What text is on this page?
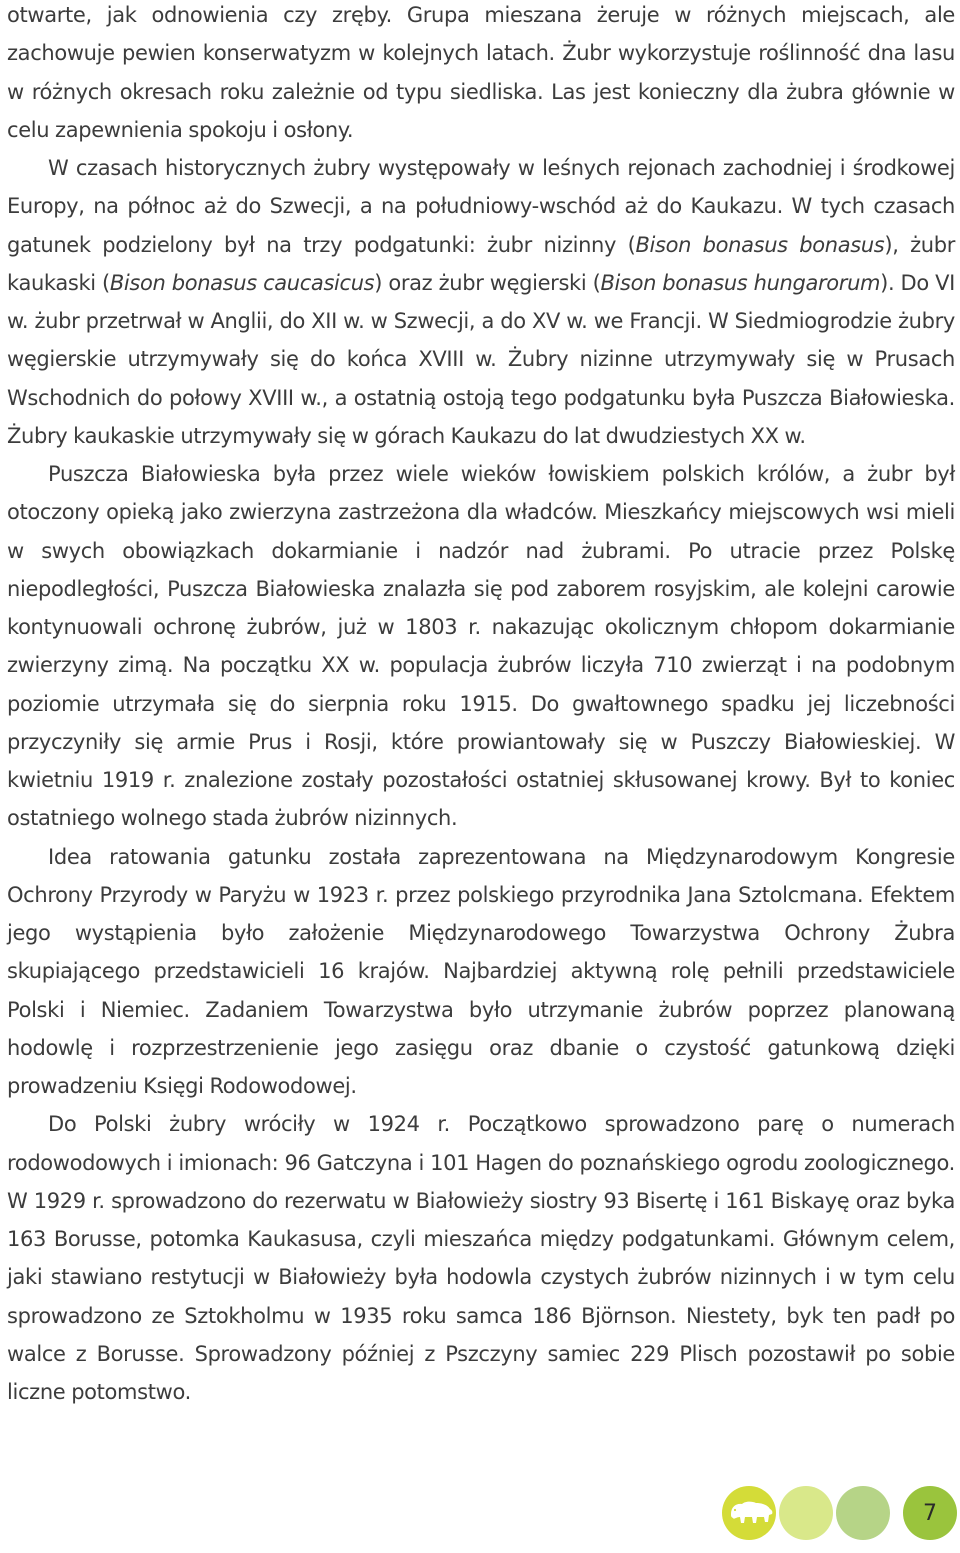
otwarte, jak odnowienia czy zręby. Grupa mieszana żeruje w różnych miejscach, ale zachowuje pewien konserwatyzm w kolejnych latach. Żubr wykorzystuje roślinność dna lasu w różnych okresach roku zależnie od typu siedliska. Las jest konieczny dla żubra głównie w celu zapewnienia spokoju i osłony.

W czasach historycznych żubry występowały w leśnych rejonach zachodniej i środkowej Europy, na północ aż do Szwecji, a na południowy-wschód aż do Kaukazu. W tych czasach gatunek podzielony był na trzy podgatunki: żubr nizinny (Bison bonasus bonasus), żubr kaukaski (Bison bonasus caucasicus) oraz żubr węgierski (Bison bonasus hungarorum). Do VI w. żubr przetrwał w Anglii, do XII w. w Szwecji, a do XV w. we Francji. W Siedmiogrodzie żubry węgierskie utrzymywały się do końca XVIII w. Żubry nizinne utrzymywały się w Prusach Wschodnich do połowy XVIII w., a ostatnią ostoją tego podgatunku była Puszcza Białowieska. Żubry kaukaskie utrzymywały się w górach Kaukazu do lat dwudziestych XX w.

Puszcza Białowieska była przez wiele wieków łowiskiem polskich królów, a żubr był otoczony opieką jako zwierzyna zastrzeżona dla władców. Mieszkańcy miejscowych wsi mieli w swych obowiązkach dokarmianie i nadzór nad żubrami. Po utracie przez Polskę niepodległości, Puszcza Białowieska znalazła się pod zaborem rosyjskim, ale kolejni carowie kontynuowali ochronę żubrów, już w 1803 r. nakazując okolicznym chłopom dokarmianie zwierzyny zimą. Na początku XX w. populacja żubrów liczyła 710 zwierząt i na podobnym poziomie utrzymała się do sierpnia roku 1915. Do gwałtownego spadku jej liczebności przyczyniły się armie Prus i Rosji, które prowiantowały się w Puszczy Białowieskiej. W kwietniu 1919 r. znalezione zostały pozostałości ostatniej skłusowanej krowy. Był to koniec ostatniego wolnego stada żubrów nizinnych.

Idea ratowania gatunku została zaprezentowana na Międzynarodowym Kongresie Ochrony Przyrody w Paryżu w 1923 r. przez polskiego przyrodnika Jana Sztolcmana. Efektem jego wystąpienia było założenie Międzynarodowego Towarzystwa Ochrony Żubra skupiającego przedstawicieli 16 krajów. Najbardziej aktywną rolę pełnili przedstawiciele Polski i Niemiec. Zadaniem Towarzystwa było utrzymanie żubrów poprzez planowaną hodowlę i rozprzestrzenienie jego zasięgu oraz dbanie o czystość gatunkową dzięki prowadzeniu Księgi Rodowodowej.

Do Polski żubry wróciły w 1924 r. Początkowo sprowadzono parę o numerach rodowodowych i imionach: 96 Gatczyna i 101 Hagen do poznańskiego ogrodu zoologicznego. W 1929 r. sprowadzono do rezerwatu w Białowieży siostry 93 Bisertę i 161 Biskayę oraz byka 163 Borusse, potomka Kaukasusa, czyli mieszańca między podgatunkami. Głównym celem, jaki stawiano restytucji w Białowieży była hodowla czystych żubrów nizinnych i w tym celu sprowadzono ze Sztokholmu w 1935 roku samca 186 Björnson. Niestety, byk ten padł po walce z Borusse. Sprowadzony później z Pszczyny samiec 229 Plisch pozostawił po sobie liczne potomstwo.

7
